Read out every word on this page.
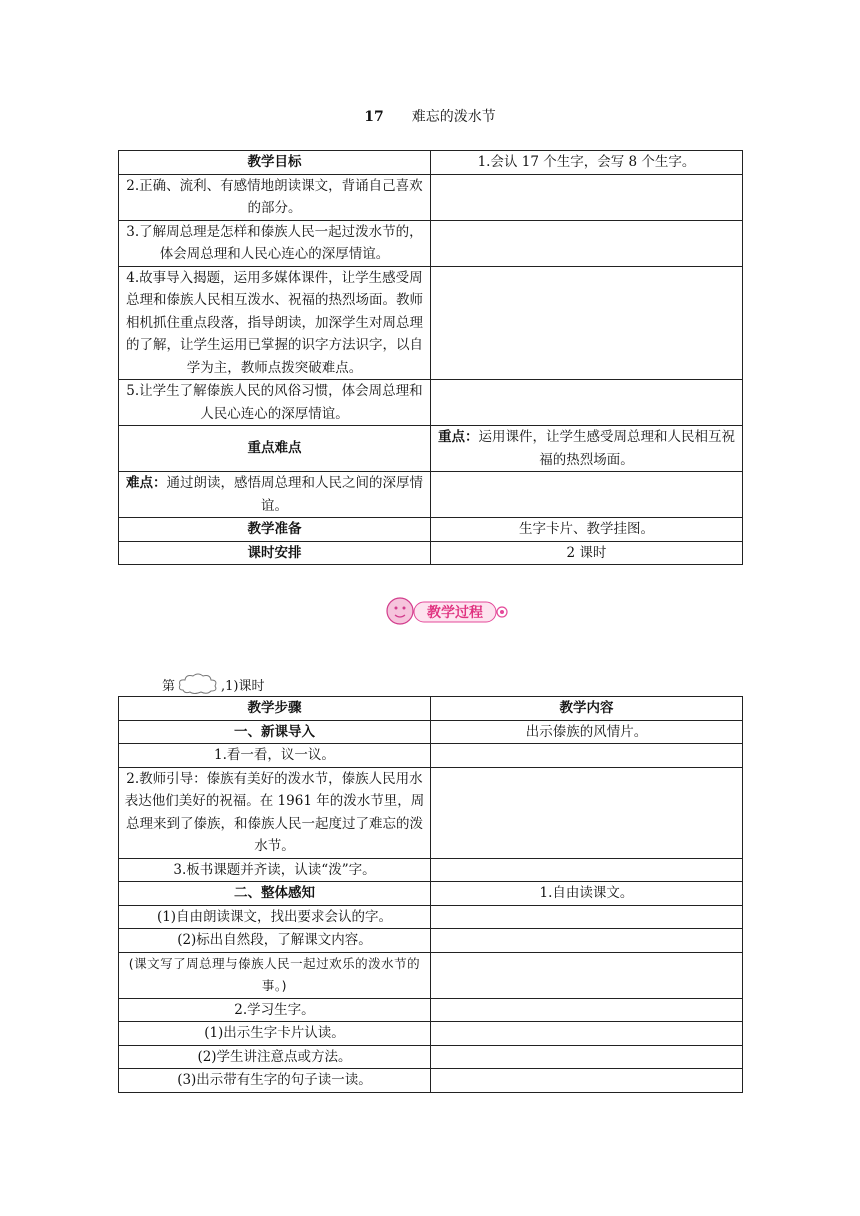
17 难忘的泼水节
教学目标	1.会认 17 个生字，会写 8 个生字。
2.正确、流利、有感情地朗读课文，背诵自己喜欢的部分。	
3.了解周总理是怎样和傣族人民一起过泼水节的，体会周总理和人民心连心的深厚情谊。	
4.故事导入揭题，运用多媒体课件，让学生感受周总理和傣族人民相互泼水、祝福的热烈场面。教师相机抓住重点段落，指导朗读，加深学生对周总理的了解，让学生运用已掌握的识字方法识字，以自学为主，教师点拨突破难点。	
5.让学生了解傣族人民的风俗习惯，体会周总理和人民心连心的深厚情谊。	
重点难点	重点：运用课件，让学生感受周总理和人民相互祝福的热烈场面。
难点：通过朗读，感悟周总理和人民之间的深厚情谊。	
教学准备	生字卡片、教学挂图。
课时安排	2 课时
教学过程
第	,1)课时
教学步骤	教学内容
一、新课导入	出示傣族的风情片。
1.看一看，议一议。	
2.教师引导：傣族有美好的泼水节，傣族人民用水表达他们美好的祝福。在 1961 年的泼水节里，周总理来到了傣族，和傣族人民一起度过了难忘的泼水节。	
3.板书课题并齐读，认读“泼”字。	
二、整体感知	1.自由读课文。
(1)自由朗读课文，找出要求会认的字。	
(2)标出自然段，了解课文内容。	
(课文写了周总理与傣族人民一起过欢乐的泼水节的事。)	
2.学习生字。	
(1)出示生字卡片认读。	
(2)学生讲注意点或方法。	
(3)出示带有生字的句子读一读。	
